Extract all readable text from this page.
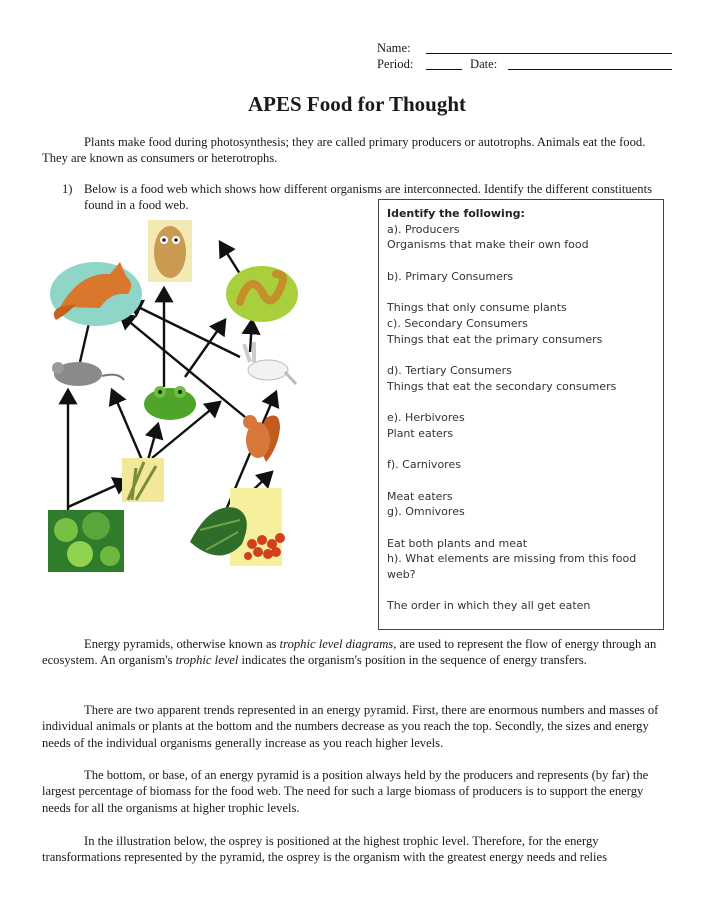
Name:
Period:	Date:
APES Food for Thought

Plants make food during photosynthesis; they are called primary producers or autotrophs. Animals eat the food. They are known as consumers or heterotrophs.

1) Below is a food web which shows how different organisms are interconnected. Identify the different constituents found in a food web.
Identify the following:
a). Producers
Organisms that make their own food
b). Primary Consumers
Things that only consume plants
c). Secondary Consumers
Things that eat the primary consumers
d). Tertiary Consumers
Things that eat the secondary consumers
e). Herbivores
Plant eaters
f). Carnivores
Meat eaters
g). Omnivores
Eat both plants and meat
h). What elements are missing from this food
web?
The order in which they all get eaten

Energy pyramids, otherwise known as trophic level diagrams, are used to represent the flow of energy through an ecosystem. An organism's trophic level indicates the organism's position in the sequence of energy transfers.

There are two apparent trends represented in an energy pyramid. First, there are enormous numbers and masses of individual animals or plants at the bottom and the numbers decrease as you reach the top. Secondly, the sizes and energy needs of the individual organisms generally increase as you reach higher levels.

The bottom, or base, of an energy pyramid is a position always held by the producers and represents (by far) the largest percentage of biomass for the food web. The need for such a large biomass of producers is to support the energy needs for all the organisms at higher trophic levels.

In the illustration below, the osprey is positioned at the highest trophic level. Therefore, for the energy transformations represented by the pyramid, the osprey is the organism with the greatest energy needs and relies
